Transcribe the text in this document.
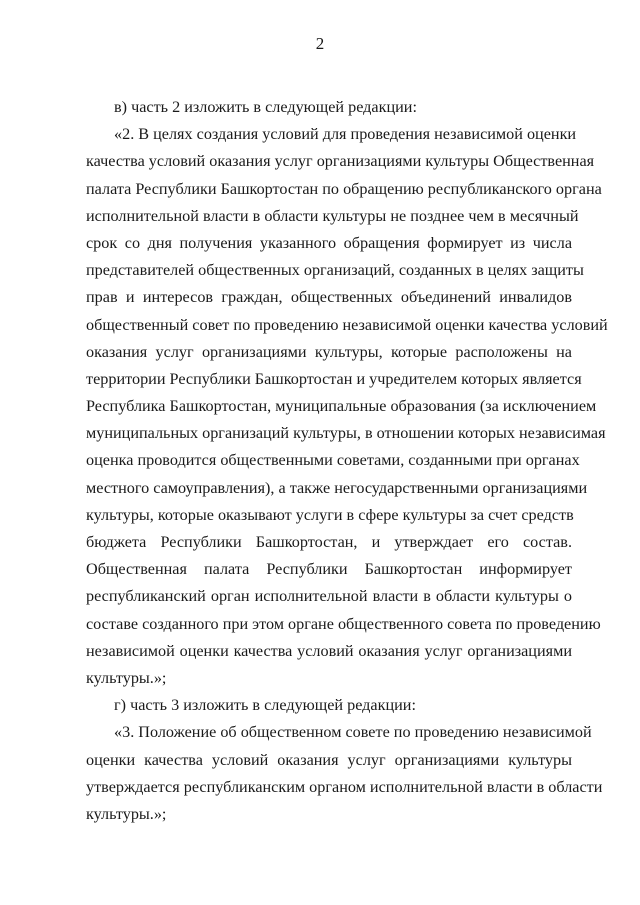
2
в) часть 2 изложить в следующей редакции:
«2. В целях создания условий для проведения независимой оценки
качества условий оказания услуг организациями культуры Общественная
палата Республики Башкортостан по обращению республиканского органа
исполнительной власти в области культуры не позднее чем в месячный
срок со дня получения указанного обращения формирует из числа
представителей общественных организаций, созданных в целях защиты
прав и интересов граждан, общественных объединений инвалидов
общественный совет по проведению независимой оценки качества условий
оказания услуг организациями культуры, которые расположены на
территории Республики Башкортостан и учредителем которых является
Республика Башкортостан, муниципальные образования (за исключением
муниципальных организаций культуры, в отношении которых независимая
оценка проводится общественными советами, созданными при органах
местного самоуправления), а также негосударственными организациями
культуры, которые оказывают услуги в сфере культуры за счет средств
бюджета Республики Башкортостан, и утверждает его состав.
Общественная палата Республики Башкортостан информирует
республиканский орган исполнительной власти в области культуры о
составе созданного при этом органе общественного совета по проведению
независимой оценки качества условий оказания услуг организациями
культуры.»;
г) часть 3 изложить в следующей редакции:
«3. Положение об общественном совете по проведению независимой
оценки качества условий оказания услуг организациями культуры
утверждается республиканским органом исполнительной власти в области
культуры.»;
